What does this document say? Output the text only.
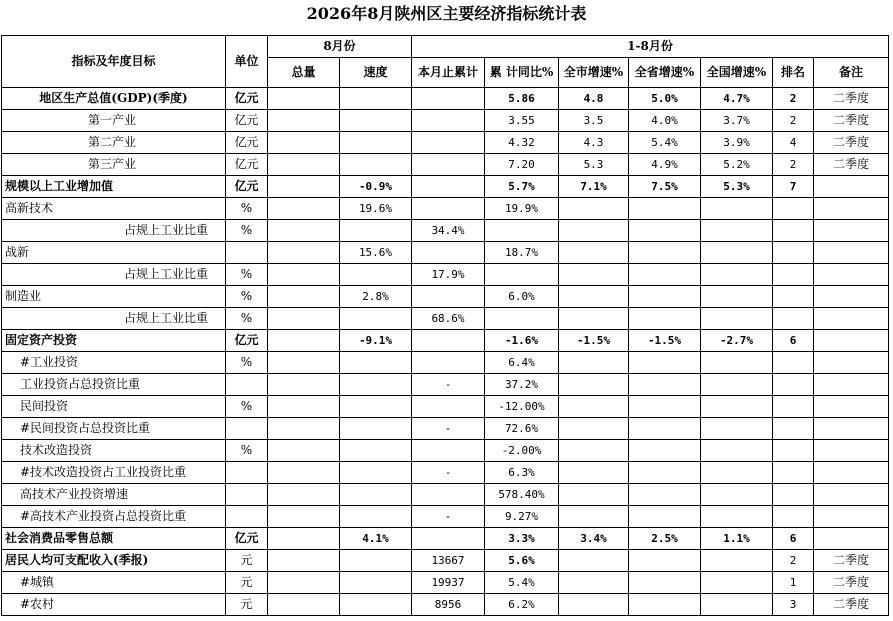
2026年8月陕州区主要经济指标统计表
指标及年度目标	单位	8月份		1-8月份						
		总量	速度	本月止累计	累 计同比%	全市增速%	全省增速%	全国增速%	排名	备注
地区生产总值(GDP)(季度)	亿元				5.86	4.8	5.0%	4.7%	2	二季度
第一产业	亿元				3.55	3.5	4.0%	3.7%	2	二季度
第二产业	亿元				4.32	4.3	5.4%	3.9%	4	二季度
第三产业	亿元				7.20	5.3	4.9%	5.2%	2	二季度
规模以上工业增加值	亿元		-0.9%		5.7%	7.1%	7.5%	5.3%	7	
高新技术	%		19.6%		19.9%					
占规上工业比重	%			34.4%						
战新			15.6%		18.7%					
占规上工业比重	%			17.9%						
制造业	%		2.8%		6.0%					
占规上工业比重	%			68.6%						
固定资产投资	亿元		-9.1%		-1.6%	-1.5%	-1.5%	-2.7%	6	
#工业投资	%				6.4%					
工业投资占总投资比重				-	37.2%					
民间投资	%				-12.00%					
#民间投资占总投资比重				-	72.6%					
技术改造投资	%				-2.00%					
#技术改造投资占工业投资比重				-	6.3%					
高技术产业投资增速					578.40%					
#高技术产业投资占总投资比重				-	9.27%					
社会消费品零售总额	亿元		4.1%		3.3%	3.4%	2.5%	1.1%	6	
居民人均可支配收入(季报)	元			13667	5.6%				2	二季度
#城镇	元			19937	5.4%				1	二季度
#农村	元			8956	6.2%				3	二季度
